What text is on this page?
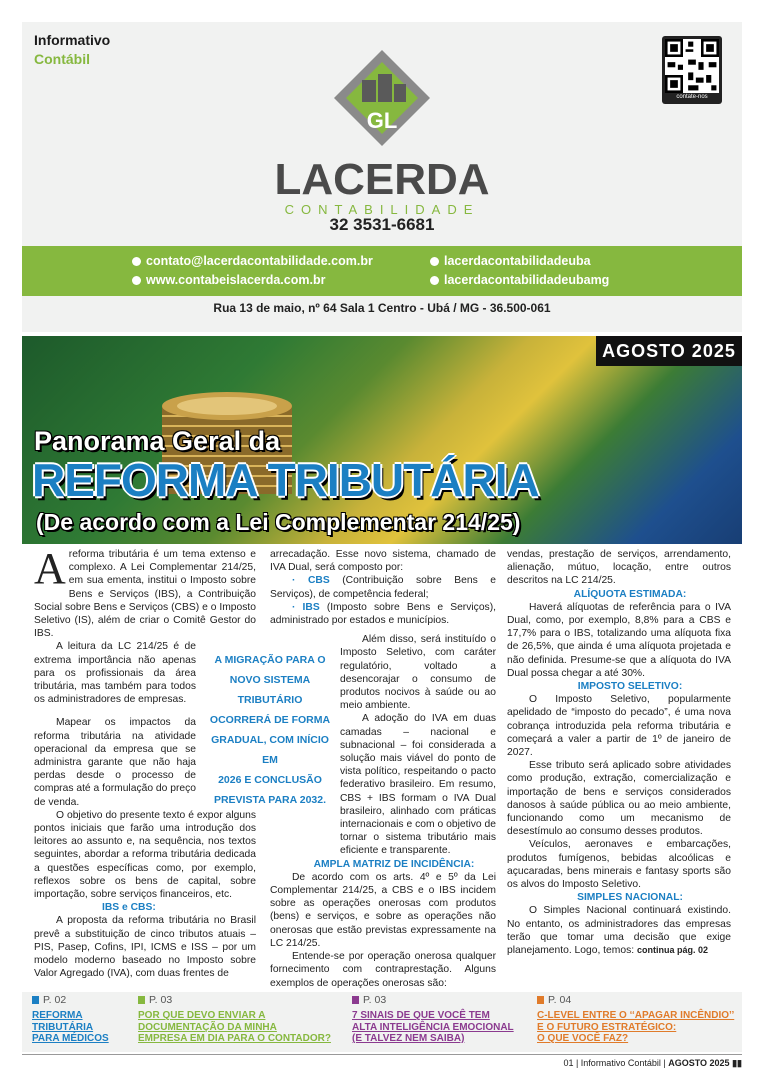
Informativo
Contábil
GL
LACERDA
CONTABILIDADE
contate-nos
32 3531-6681
contato@lacerdacontabilidade.com.br
www.contabeislacerda.com.br
lacerdacontabilidadeuba
lacerdacontabilidadeubamg
Rua 13 de maio, nº 64 Sala 1 Centro - Ubá / MG - 36.500-061
AGOSTO 2025
Panorama Geral da
REFORMA TRIBUTÁRIA
(De acordo com a Lei Complementar 214/25)

Areforma tributária é um tema extenso e complexo. A Lei Complementar 214/25, em sua ementa, institui o Imposto sobre Bens e Serviços (IBS), a Contribuição Social sobre Bens e Serviços (CBS) e o Imposto Seletivo (IS), além de criar o Comitê Gestor do IBS.

A leitura da LC 214/25 é de extrema importância não apenas para os profissionais da área tributária, mas também para todos os administradores de empresas.

Mapear os impactos da reforma tributária na atividade operacional da empresa que se administra garante que não haja perdas desde o processo de compras até a formulação do preço de venda.

O objetivo do presente texto é expor alguns pontos iniciais que farão uma introdução dos leitores ao assunto e, na sequência, nos textos seguintes, abordar a reforma tributária dedicada a questões específicas como, por exemplo, reflexos sobre os bens de capital, sobre importação, sobre serviços financeiros, etc.

IBS e CBS:

A proposta da reforma tributária no Brasil prevê a substituição de cinco tributos atuais – PIS, Pasep, Cofins, IPI, ICMS e ISS – por um modelo moderno baseado no Imposto sobre Valor Agregado (IVA), com duas frentes de

A MIGRAÇÃO PARA O
NOVO SISTEMA TRIBUTÁRIO
OCORRERÁ DE FORMA
GRADUAL, COM INÍCIO EM
2026 E CONCLUSÃO
PREVISTA PARA 2032.

arrecadação. Esse novo sistema, chamado de IVA Dual, será composto por:

· CBS (Contribuição sobre Bens e Serviços), de competência federal;

· IBS (Imposto sobre Bens e Serviços), administrado por estados e municípios.

Além disso, será instituído o Imposto Seletivo, com caráter regulatório, voltado a desencorajar o consumo de produtos nocivos à saúde ou ao meio ambiente.

A adoção do IVA em duas camadas – nacional e subnacional – foi considerada a solução mais viável do ponto de vista político, respeitando o pacto federativo brasileiro. Em resumo, CBS + IBS formam o IVA Dual brasileiro, alinhado com práticas internacionais e com o objetivo de tornar o sistema tributário mais eficiente e transparente.

AMPLA MATRIZ DE INCIDÊNCIA:

De acordo com os arts. 4º e 5º da Lei Complementar 214/25, a CBS e o IBS incidem sobre as operações onerosas com produtos (bens) e serviços, e sobre as operações não onerosas que estão previstas expressamente na LC 214/25.

Entende-se por operação onerosa qualquer fornecimento com contraprestação. Alguns exemplos de operações onerosas são:

vendas, prestação de serviços, arrendamento, alienação, mútuo, locação, entre outros descritos na LC 214/25.

ALÍQUOTA ESTIMADA:

Haverá alíquotas de referência para o IVA Dual, como, por exemplo, 8,8% para a CBS e 17,7% para o IBS, totalizando uma alíquota fixa de 26,5%, que ainda é uma alíquota projetada e não definida. Presume-se que a alíquota do IVA Dual possa chegar a até 30%.

IMPOSTO SELETIVO:

O Imposto Seletivo, popularmente apelidado de “imposto do pecado”, é uma nova cobrança introduzida pela reforma tributária e começará a valer a partir de 1º de janeiro de 2027.

Esse tributo será aplicado sobre atividades como produção, extração, comercialização e importação de bens e serviços considerados danosos à saúde pública ou ao meio ambiente, funcionando como um mecanismo de desestímulo ao consumo desses produtos.

Veículos, aeronaves e embarcações, produtos fumígenos, bebidas alcoólicas e açucaradas, bens minerais e fantasy sports são os alvos do Imposto Seletivo.

SIMPLES NACIONAL:

O Simples Nacional continuará existindo. No entanto, os administradores das empresas terão que tomar uma decisão que exige planejamento. Logo, temos: continua pág. 02

P. 02
REFORMA
TRIBUTÁRIA
PARA MÉDICOS
P. 03
POR QUE DEVO ENVIAR A
DOCUMENTAÇÃO DA MINHA
EMPRESA EM DIA PARA O CONTADOR?
P. 03
7 SINAIS DE QUE VOCÊ TEM
ALTA INTELIGÊNCIA EMOCIONAL
(E TALVEZ NEM SAIBA)
P. 04
C-LEVEL ENTRE O ‘‘APAGAR INCÊNDIO’’
E O FUTURO ESTRATÉGICO:
O QUE VOCÊ FAZ?
01 | Informativo Contábil | AGOSTO 2025 ▮▮
